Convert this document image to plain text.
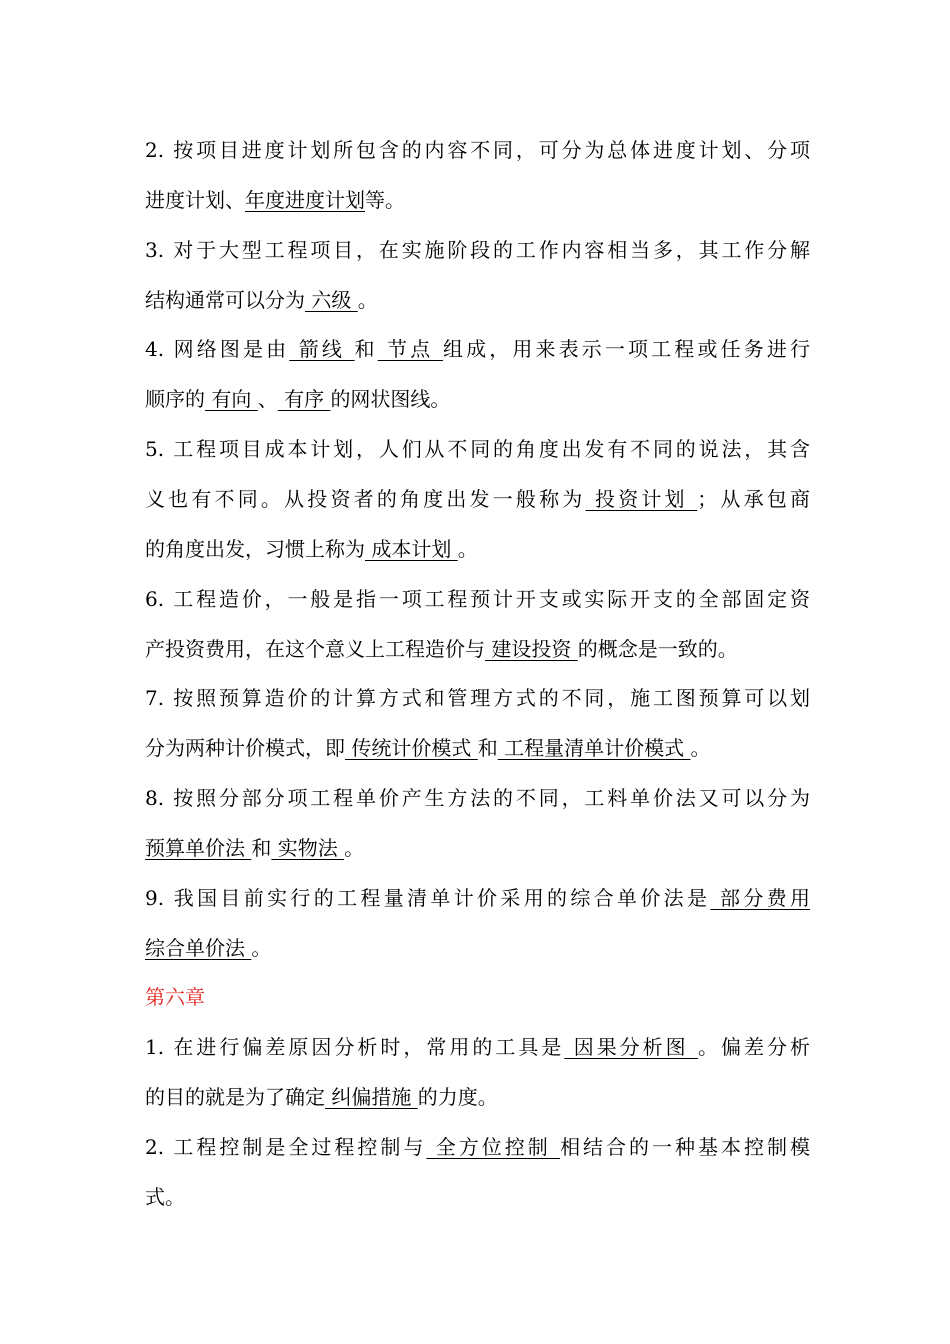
2. 按项目进度计划所包含的内容不同，可分为总体进度计划、分项
进度计划、年度进度计划等。
3. 对于大型工程项目，在实施阶段的工作内容相当多，其工作分解
结构通常可以分为 六级 。
4. 网络图是由 箭线 和 节点 组成，用来表示一项工程或任务进行
顺序的 有向 、 有序 的网状图线。
5. 工程项目成本计划，人们从不同的角度出发有不同的说法，其含
义也有不同。从投资者的角度出发一般称为 投资计划 ；从承包商
的角度出发，习惯上称为 成本计划 。
6. 工程造价，一般是指一项工程预计开支或实际开支的全部固定资
产投资费用，在这个意义上工程造价与 建设投资 的概念是一致的。
7. 按照预算造价的计算方式和管理方式的不同，施工图预算可以划
分为两种计价模式，即 传统计价模式 和 工程量清单计价模式 。
8. 按照分部分项工程单价产生方法的不同，工料单价法又可以分为
预算单价法 和 实物法 。
9. 我国目前实行的工程量清单计价采用的综合单价法是 部分费用
综合单价法 。
第六章
1. 在进行偏差原因分析时，常用的工具是 因果分析图 。偏差分析
的目的就是为了确定 纠偏措施 的力度。
2. 工程控制是全过程控制与 全方位控制 相结合的一种基本控制模
式。
